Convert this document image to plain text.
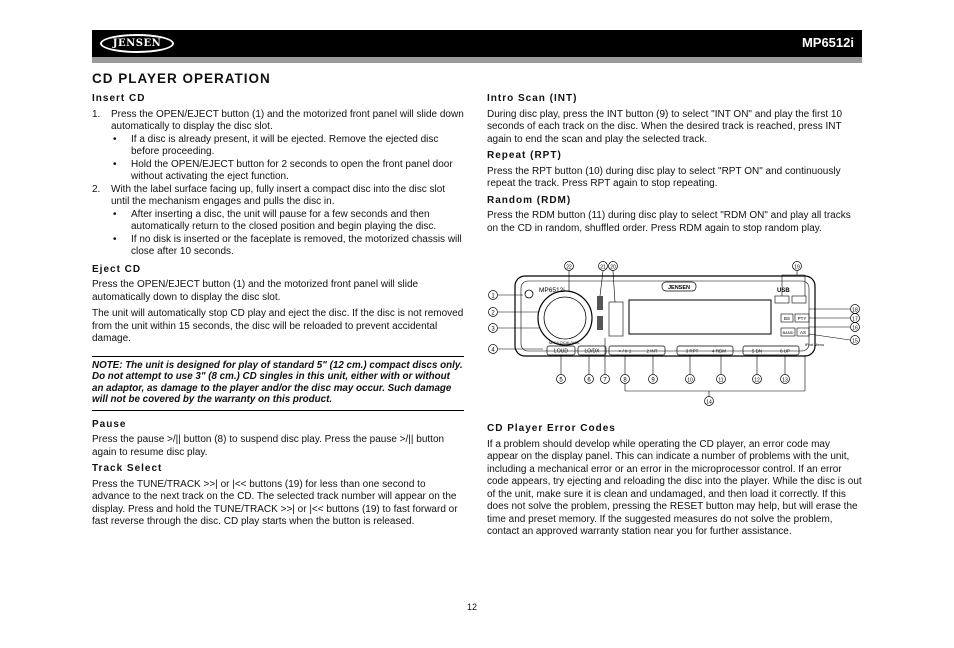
JENSEN	MP6512i
CD PLAYER OPERATION
Insert CD
1. Press the OPEN/EJECT button (1) and the motorized front panel will slide down automatically to display the disc slot.
• If a disc is already present, it will be ejected. Remove the ejected disc before proceeding.
• Hold the OPEN/EJECT button for 2 seconds to open the front panel door without activating the eject function.
2. With the label surface facing up, fully insert a compact disc into the disc slot until the mechanism engages and pulls the disc in.
• After inserting a disc, the unit will pause for a few seconds and then automatically return to the closed position and begin playing the disc.
• If no disk is inserted or the faceplate is removed, the motorized chassis will close after 10 seconds.
Eject CD

Press the OPEN/EJECT button (1) and the motorized front panel will slide automatically down to display the disc slot.

The unit will automatically stop CD play and eject the disc. If the disc is not removed from the unit within 15 seconds, the disc will be reloaded to prevent accidental damage.

NOTE: The unit is designed for play of standard 5" (12 cm.) compact discs only. Do not attempt to use 3" (8 cm.) CD singles in this unit, either with or without an adaptor, as damage to the player and/or the disc may occur. Such damage will not be covered by the warranty on this product.
Pause

Press the pause >/|| button (8) to suspend disc play. Press the pause >/|| button again to resume disc play.

Track Select

Press the TUNE/TRACK >>| or |<< buttons (19) for less than one second to advance to the next track on the CD. The selected track number will appear on the display. Press and hold the TUNE/TRACK >>| or |<< buttons (19) to fast forward or fast reverse through the disc. CD play starts when the button is released.

Intro Scan (INT)

During disc play, press the INT button (9) to select "INT ON" and play the first 10 seconds of each track on the disc. When the desired track is reached, press INT again to end the scan and play the selected track.

Repeat (RPT)

Press the RPT button (10) during disc play to select "RPT ON" and continuously repeat the track. Press RPT again to stop repeating.

Random (RDM)

Press the RDM button (11) during disc play to select "RDM ON" and play all tracks on the CD in random, shuffled order. Press RDM again to stop random play.

MP6512i	JENSEN	USB
BS PTY
BAND AS
MIC/LOCAL/VOL
LOUD	LO/DX	> / II 1	2 INT	3 RPT	4 RDM	5 DN	6 UP
iPod Menu
1
2
3
4
22	21 20	19
18
17
16
15
5	6 7	8	9	10	11	12	13
14
CD Player Error Codes

If a problem should develop while operating the CD player, an error code may appear on the display panel. This can indicate a number of problems with the unit, including a mechanical error or an error in the microprocessor control. If an error code appears, try ejecting and reloading the disc into the player. While the disc is out of the unit, make sure it is clean and undamaged, and then load it correctly. If this does not solve the problem, pressing the RESET button may help, but will erase the time and preset memory. If the suggested measures do not solve the problem, contact an approved warranty station near you for further assistance.

12
